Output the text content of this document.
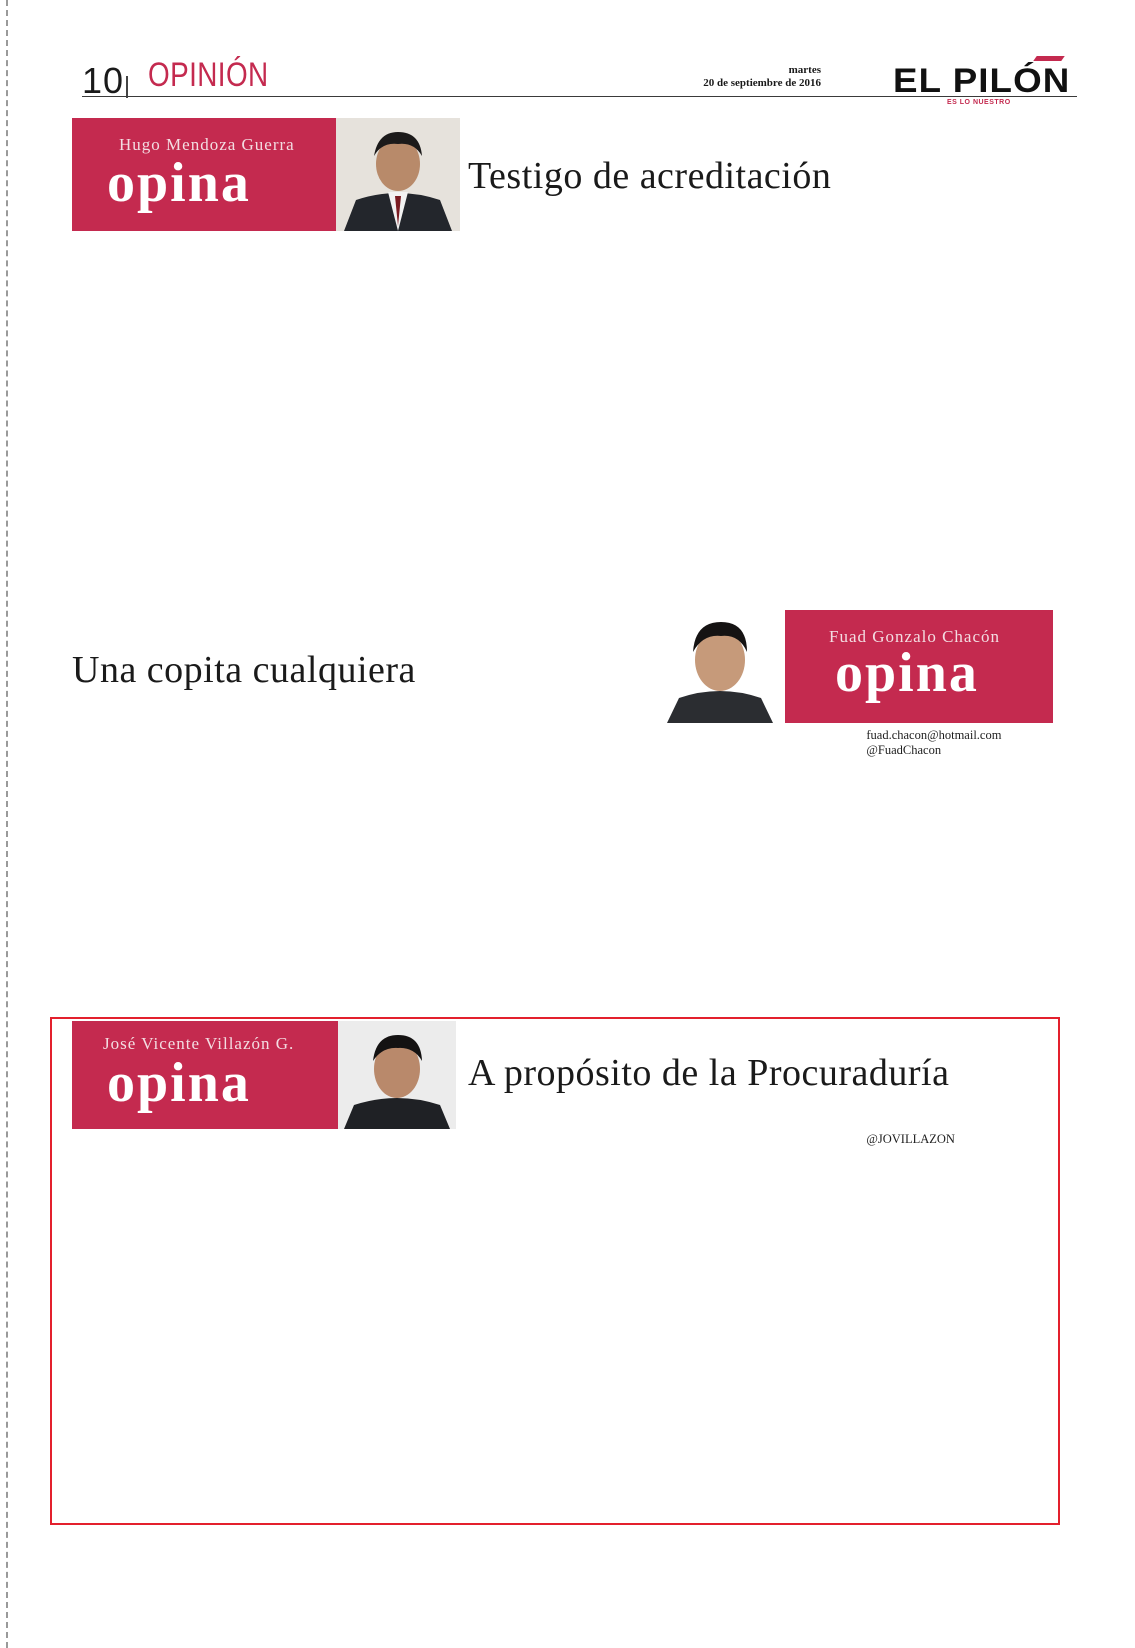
10 OPINIÓN	martes
20 de septiembre de 2016 EL PILÓN
ES LO NUESTRO
Hugo Mendoza Guerra
opina	Testigo de acreditación
Fuad Gonzalo Chacón
opina
Una copita cualquiera

fuad.chacon@hotmail.com

@FuadChacon

José Vicente Villazón G.
opina	A propósito de la Procuraduría

@JOVILLAZON
